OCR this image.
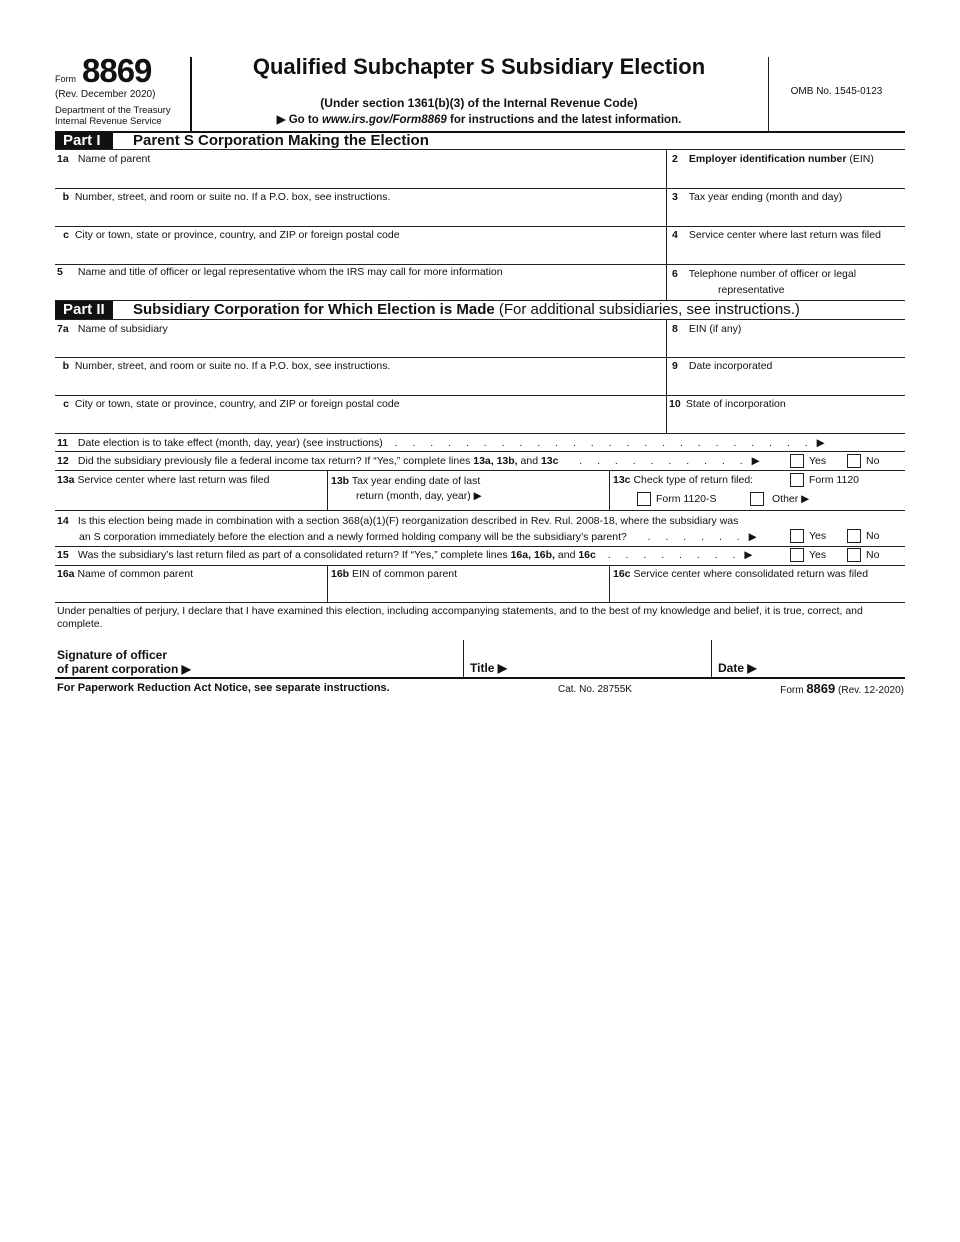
Form 8869
(Rev. December 2020)
Department of the Treasury
Internal Revenue Service
Qualified Subchapter S Subsidiary Election
(Under section 1361(b)(3) of the Internal Revenue Code)
▶ Go to www.irs.gov/Form8869 for instructions and the latest information.
OMB No. 1545-0123
Part I Parent S Corporation Making the Election
1a Name of parent	2 Employer identification number (EIN)
b Number, street, and room or suite no. If a P.O. box, see instructions.	3 Tax year ending (month and day)
c City or town, state or province, country, and ZIP or foreign postal code	4 Service center where last return was filed
5 Name and title of officer or legal representative whom the IRS may call for more information	6 Telephone number of officer or legal
representative
Part II Subsidiary Corporation for Which Election is Made (For additional subsidiaries, see instructions.)
7a Name of subsidiary	8 EIN (if any)
b Number, street, and room or suite no. If a P.O. box, see instructions.	9 Date incorporated
c City or town, state or province, country, and ZIP or foreign postal code	10 State of incorporation
11 Date election is to take effect (month, day, year) (see instructions)  . . . . . . . . . . . . . . . . . . . . . . . . ▶
12 Did the subsidiary previously file a federal income tax return? If “Yes,” complete lines 13a, 13b, and 13c   . . . . . . . . . . ▶	Yes	No
13a Service center where last return was filed	13b Tax year ending date of last
return (month, day, year) ▶
13c Check type of return filed:	Form 1120
Form 1120-S	Other ▶
14 Is this election being made in combination with a section 368(a)(1)(F) reorganization described in Rev. Rul. 2008-18, where the subsidiary was
an S corporation immediately before the election and a newly formed holding company will be the subsidiary’s parent?   . . . . . . ▶	Yes	No
15 Was the subsidiary’s last return filed as part of a consolidated return? If “Yes,” complete lines 16a, 16b, and 16c  . . . . . . . . ▶	Yes	No
16a Name of common parent	16b EIN of common parent	16c Service center where consolidated return was filed
Under penalties of perjury, I declare that I have examined this election, including accompanying statements, and to the best of my knowledge and belief, it is true, correct, and complete.
Signature of officer
of parent corporation ▶	Title ▶	Date ▶
For Paperwork Reduction Act Notice, see separate instructions.	Cat. No. 28755K	Form 8869 (Rev. 12-2020)
